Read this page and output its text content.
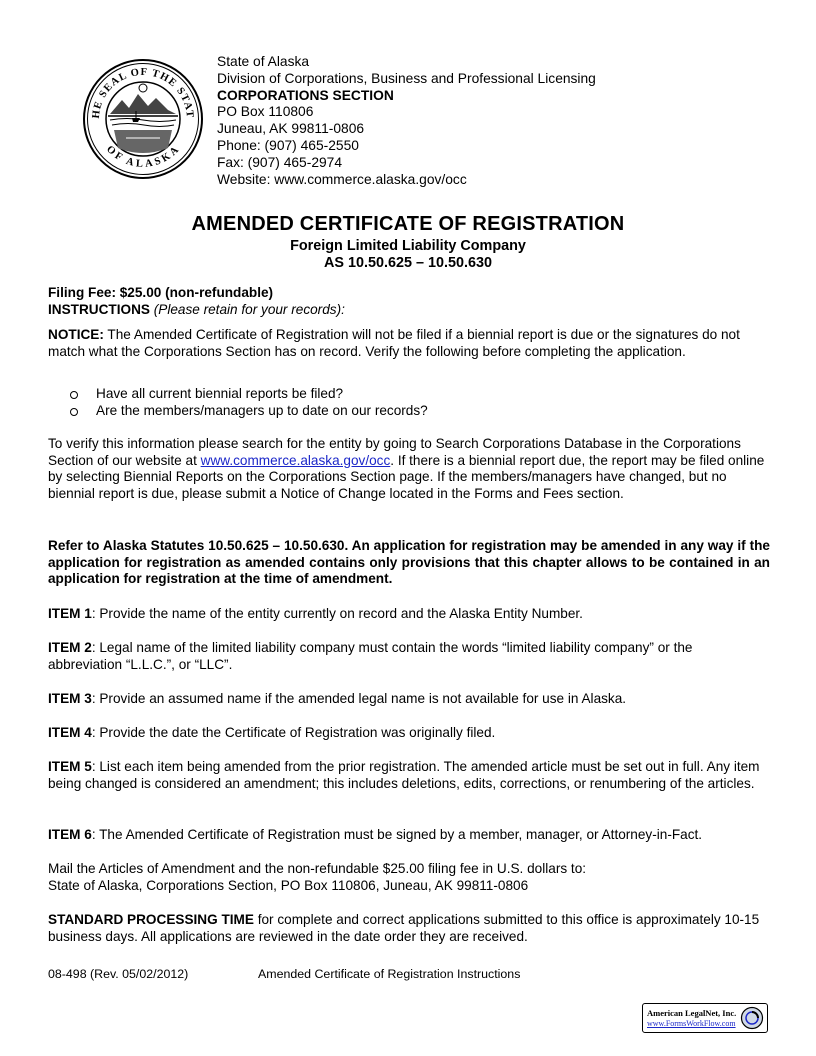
HE SEAL OF THE STAT
OF ALASKA
State of Alaska
Division of Corporations, Business and Professional Licensing
CORPORATIONS SECTION
PO Box 110806
Juneau, AK 99811-0806
Phone: (907) 465-2550
Fax: (907) 465-2974
Website: www.commerce.alaska.gov/occ
AMENDED CERTIFICATE OF REGISTRATION
Foreign Limited Liability Company
AS 10.50.625 – 10.50.630

Filing Fee: $25.00 (non-refundable)

INSTRUCTIONS (Please retain for your records):

NOTICE: The Amended Certificate of Registration will not be filed if a biennial report is due or the signatures do not match what the Corporations Section has on record. Verify the following before completing the application.

Have all current biennial reports be filed?
Are the members/managers up to date on our records?

To verify this information please search for the entity by going to Search Corporations Database in the Corporations Section of our website at www.commerce.alaska.gov/occ. If there is a biennial report due, the report may be filed online by selecting Biennial Reports on the Corporations Section page. If the members/managers have changed, but no biennial report is due, please submit a Notice of Change located in the Forms and Fees section.

Refer to Alaska Statutes 10.50.625 – 10.50.630. An application for registration may be amended in any way if the application for registration as amended contains only provisions that this chapter allows to be contained in an application for registration at the time of amendment.

ITEM 1: Provide the name of the entity currently on record and the Alaska Entity Number.

ITEM 2: Legal name of the limited liability company must contain the words “limited liability company” or the abbreviation “L.L.C.”, or “LLC”.

ITEM 3: Provide an assumed name if the amended legal name is not available for use in Alaska.

ITEM 4: Provide the date the Certificate of Registration was originally filed.

ITEM 5: List each item being amended from the prior registration. The amended article must be set out in full. Any item being changed is considered an amendment; this includes deletions, edits, corrections, or renumbering of the articles.

ITEM 6: The Amended Certificate of Registration must be signed by a member, manager, or Attorney-in-Fact.

Mail the Articles of Amendment and the non-refundable $25.00 filing fee in U.S. dollars to:

State of Alaska, Corporations Section, PO Box 110806, Juneau, AK 99811-0806

STANDARD PROCESSING TIME for complete and correct applications submitted to this office is approximately 10-15 business days. All applications are reviewed in the date order they are received.

08-498 (Rev. 05/02/2012)	Amended Certificate of Registration Instructions
American LegalNet, Inc.
www.FormsWorkFlow.com
